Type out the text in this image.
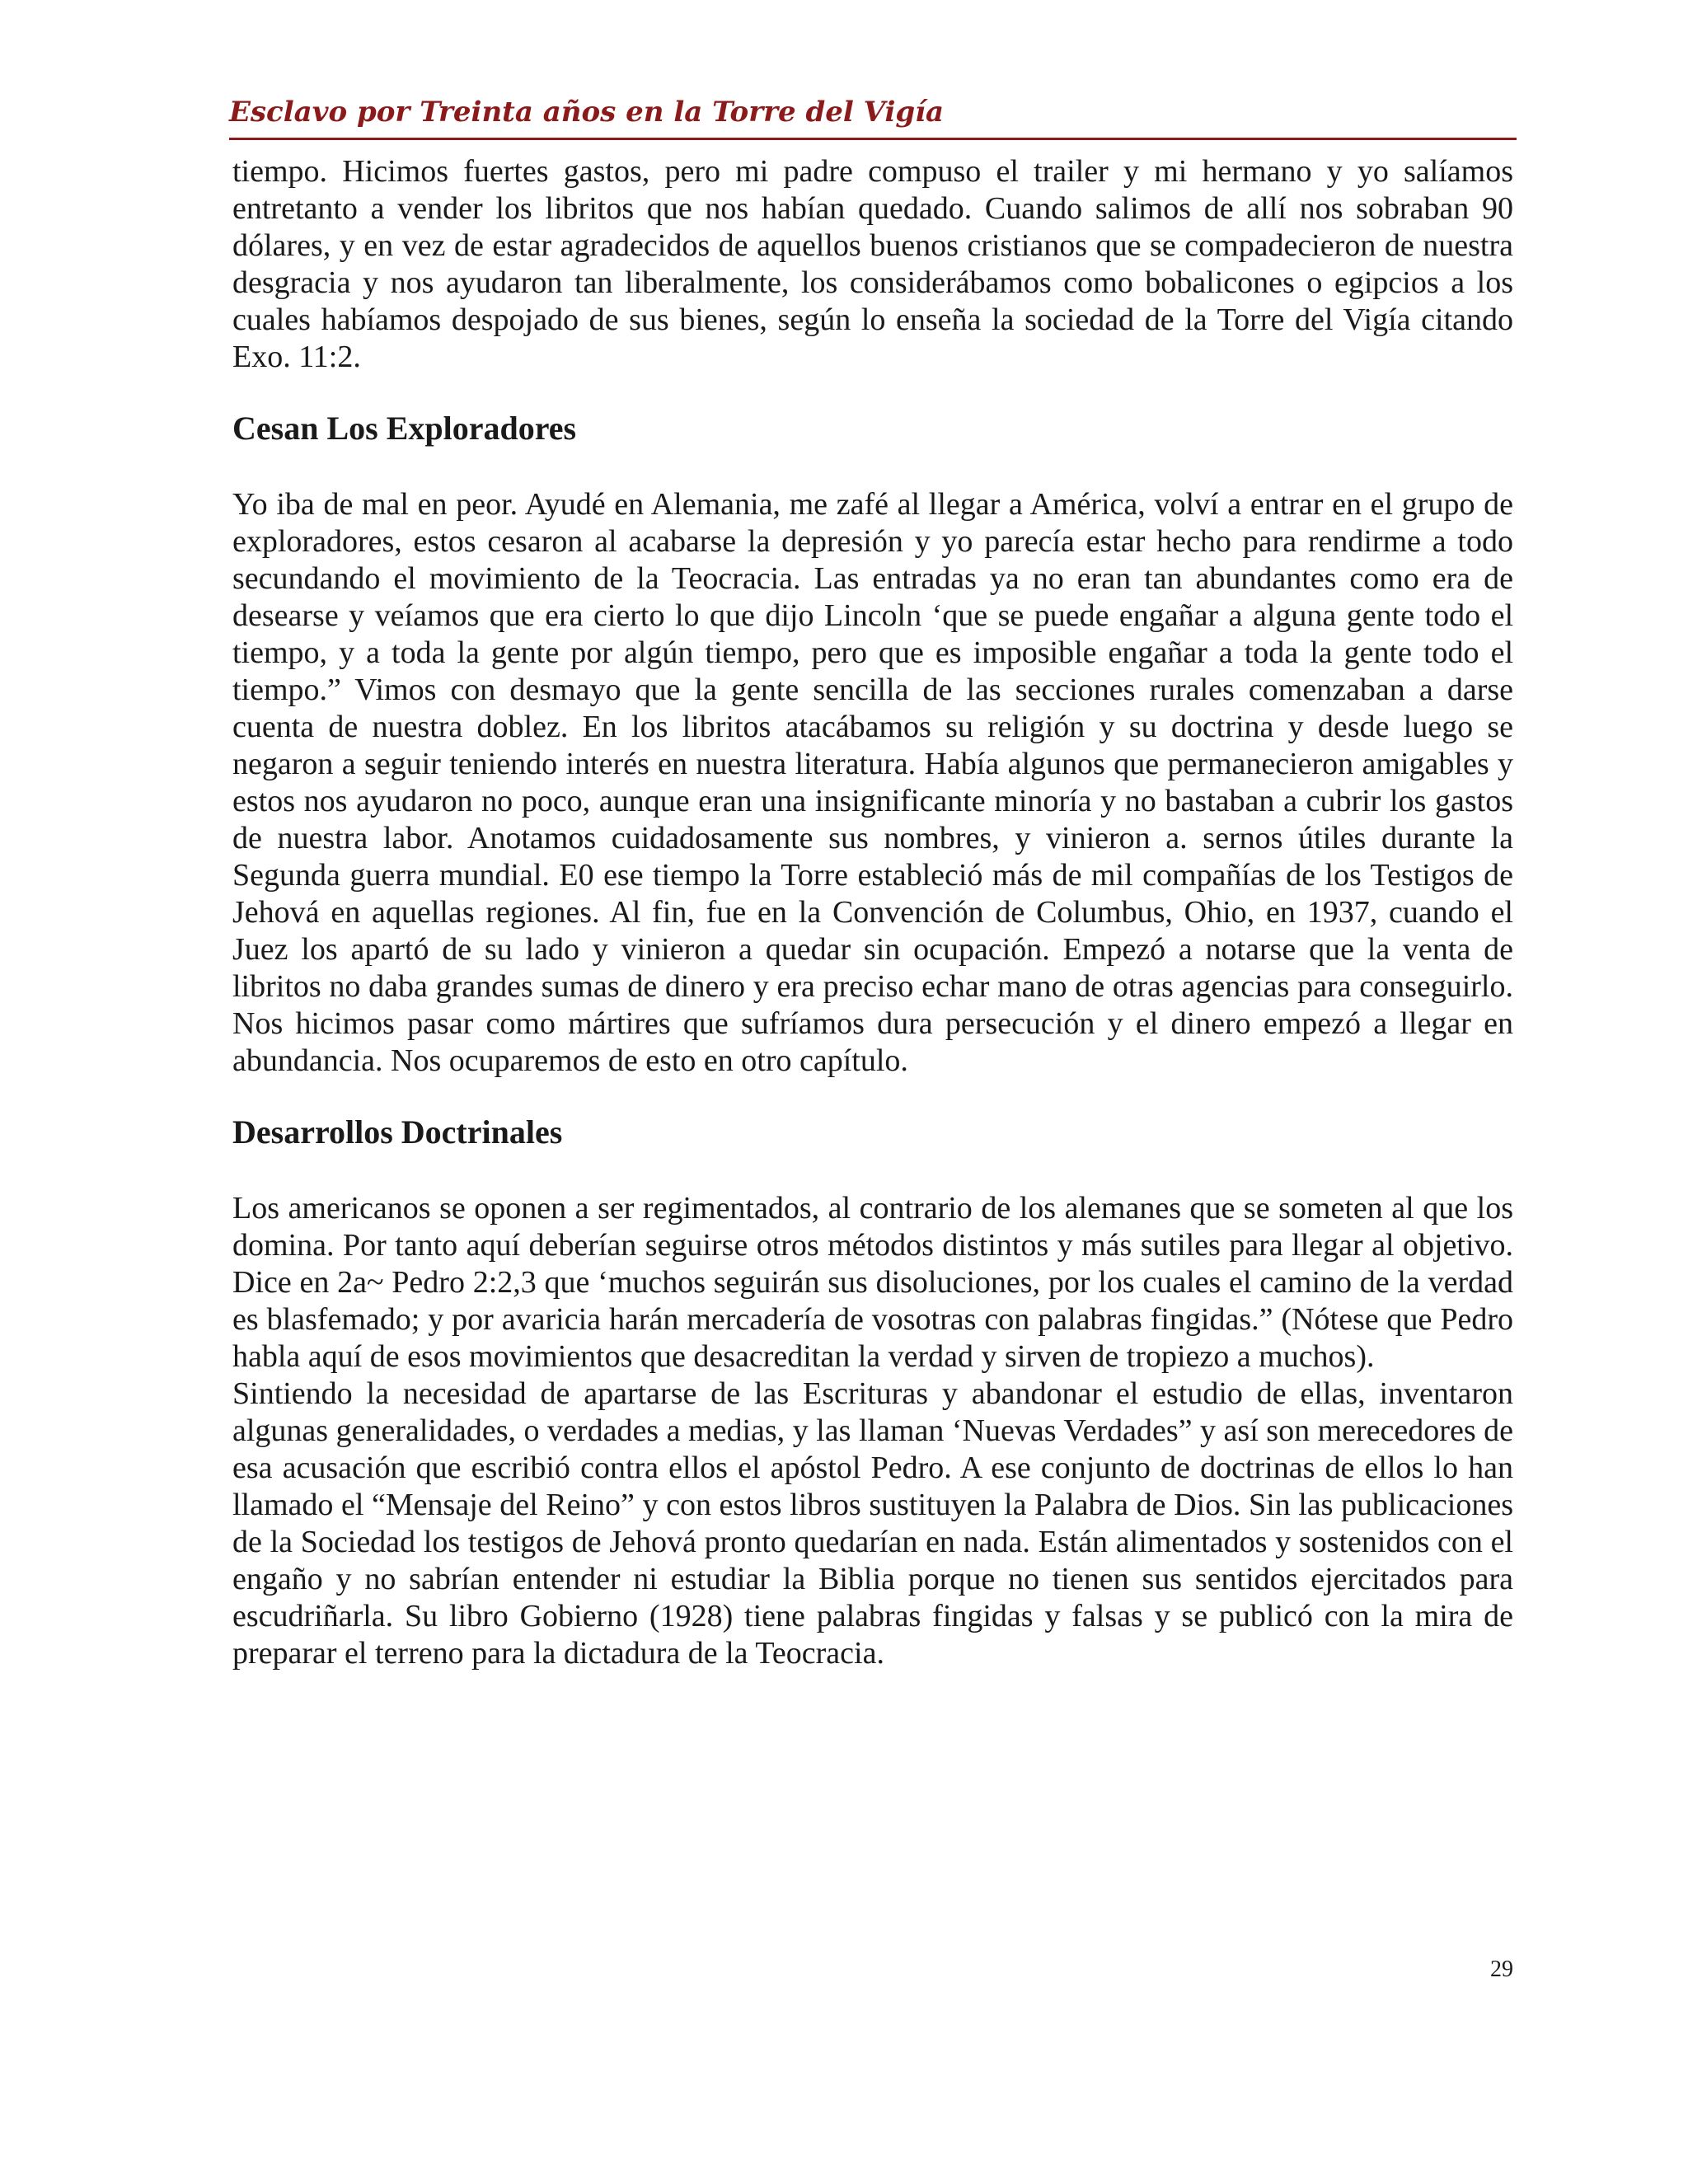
Esclavo por Treinta años en la Torre del Vigía

tiempo. Hicimos fuertes gastos, pero mi padre compuso el trailer y mi hermano y yo salíamos entretanto a vender los libritos que nos habían quedado. Cuando salimos de allí nos sobraban 90 dólares, y en vez de estar agradecidos de aquellos buenos cristianos que se compadecieron de nuestra desgracia y nos ayudaron tan liberalmente, los considerábamos como bobalicones o egipcios a los cuales habíamos despojado de sus bienes, según lo enseña la sociedad de la Torre del Vigía citando Exo. 11:2.

Cesan Los Exploradores

Yo iba de mal en peor. Ayudé en Alemania, me zafé al llegar a América, volví a entrar en el grupo de exploradores, estos cesaron al acabarse la depresión y yo parecía estar hecho para rendirme a todo secundando el movimiento de la Teocracia. Las entradas ya no eran tan abundantes como era de desearse y veíamos que era cierto lo que dijo Lincoln ‘que se puede engañar a alguna gente todo el tiempo, y a toda la gente por algún tiempo, pero que es imposible engañar a toda la gente todo el tiempo.” Vimos con desmayo que la gente sencilla de las secciones rurales comenzaban a darse cuenta de nuestra doblez. En los libritos atacábamos su religión y su doctrina y desde luego se negaron a seguir teniendo interés en nuestra literatura. Había algunos que permanecieron amigables y estos nos ayudaron no poco, aunque eran una insignificante minoría y no bastaban a cubrir los gastos de nuestra labor. Anotamos cuidadosamente sus nombres, y vinieron a. sernos útiles durante la Segunda guerra mundial. E0 ese tiempo la Torre estableció más de mil compañías de los Testigos de Jehová en aquellas regiones. Al fin, fue en la Convención de Columbus, Ohio, en 1937, cuando el Juez los apartó de su lado y vinieron a quedar sin ocupación. Empezó a notarse que la venta de libritos no daba grandes sumas de dinero y era preciso echar mano de otras agencias para conseguirlo. Nos hicimos pasar como mártires que sufríamos dura persecución y el dinero empezó a llegar en abundancia. Nos ocuparemos de esto en otro capítulo.

Desarrollos Doctrinales

Los americanos se oponen a ser regimentados, al contrario de los alemanes que se someten al que los domina. Por tanto aquí deberían seguirse otros métodos distintos y más sutiles para llegar al objetivo. Dice en 2a~ Pedro 2:2,3 que ‘muchos seguirán sus disoluciones, por los cuales el camino de la verdad es blasfemado; y por avaricia harán mercadería de vosotras con palabras fingidas.” (Nótese que Pedro habla aquí de esos movimientos que desacreditan la verdad y sirven de tropiezo a muchos).

Sintiendo la necesidad de apartarse de las Escrituras y abandonar el estudio de ellas, inventaron algunas generalidades, o verdades a medias, y las llaman ‘Nuevas Verdades” y así son merecedores de esa acusación que escribió contra ellos el apóstol Pedro. A ese conjunto de doctrinas de ellos lo han llamado el “Mensaje del Reino” y con estos libros sustituyen la Palabra de Dios. Sin las publicaciones de la Sociedad los testigos de Jehová pronto quedarían en nada. Están alimentados y sostenidos con el engaño y no sabrían entender ni estudiar la Biblia porque no tienen sus sentidos ejercitados para escudriñarla. Su libro Gobierno (1928) tiene palabras fingidas y falsas y se publicó con la mira de preparar el terreno para la dictadura de la Teocracia.

29
